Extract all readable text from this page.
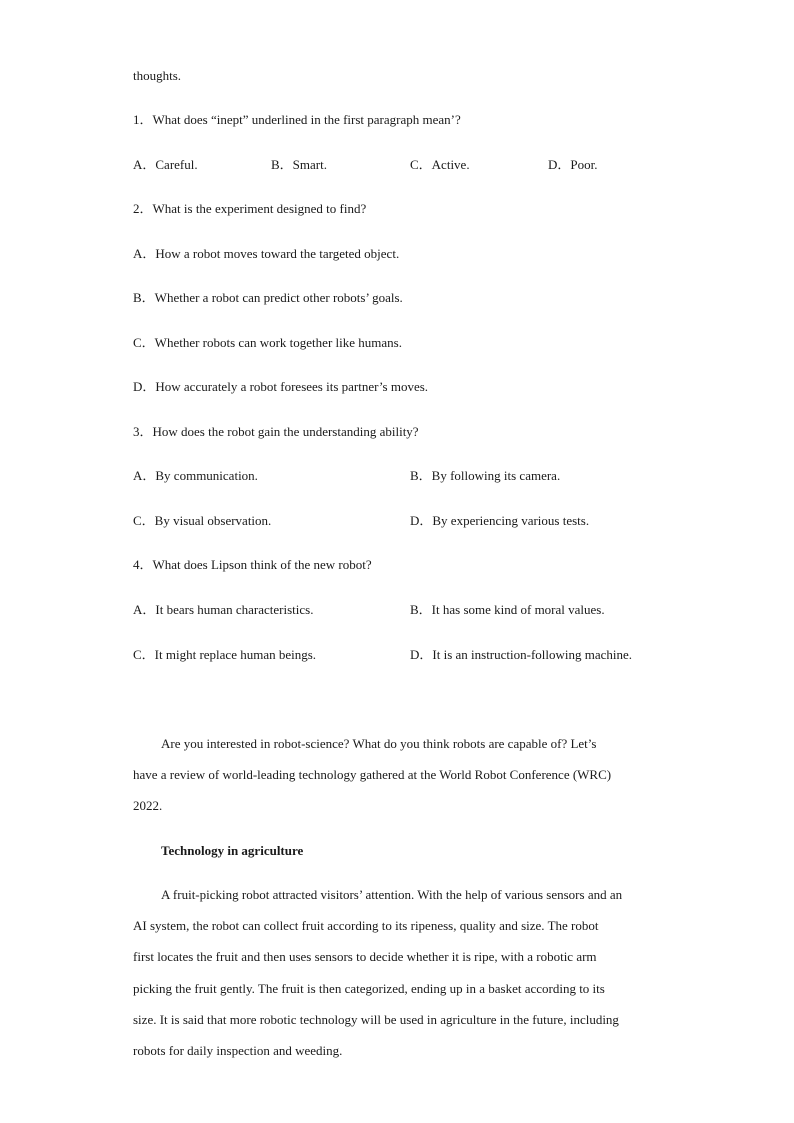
thoughts.
1．What does “inept” underlined in the first paragraph mean’?
A．Careful.	B．Smart.	C．Active.	D．Poor.
2．What is the experiment designed to find?
A．How a robot moves toward the targeted object.
B．Whether a robot can predict other robots’ goals.
C．Whether robots can work together like humans.
D．How accurately a robot foresees its partner’s moves.
3．How does the robot gain the understanding ability?
A．By communication.	B．By following its camera.
C．By visual observation.	D．By experiencing various tests.
4．What does Lipson think of the new robot?
A．It bears human characteristics.	B．It has some kind of moral values.
C．It might replace human beings.	D．It is an instruction-following machine.
Are you interested in robot-science? What do you think robots are capable of? Let’s
have a review of world-leading technology gathered at the World Robot Conference (WRC)
2022.
Technology in agriculture
A fruit-picking robot attracted visitors’ attention. With the help of various sensors and an
AI system, the robot can collect fruit according to its ripeness, quality and size. The robot
first locates the fruit and then uses sensors to decide whether it is ripe, with a robotic arm
picking the fruit gently. The fruit is then categorized, ending up in a basket according to its
size. It is said that more robotic technology will be used in agriculture in the future, including
robots for daily inspection and weeding.
